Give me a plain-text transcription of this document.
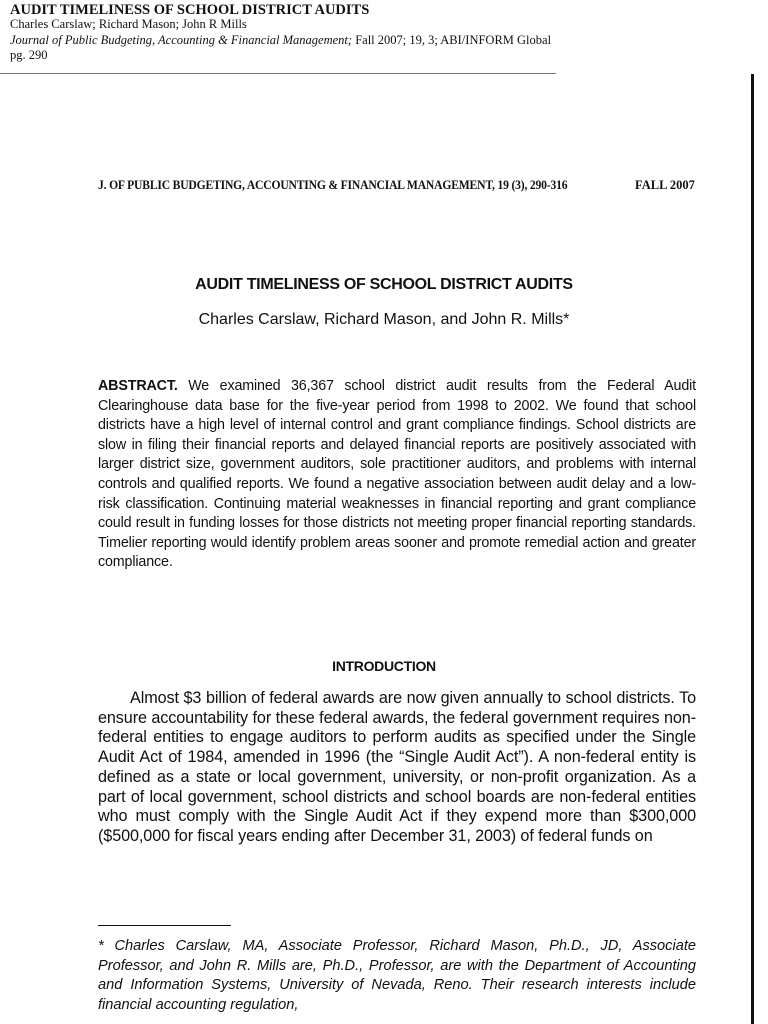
AUDIT TIMELINESS OF SCHOOL DISTRICT AUDITS
Charles Carslaw; Richard Mason; John R Mills
Journal of Public Budgeting, Accounting & Financial Management; Fall 2007; 19, 3; ABI/INFORM Global
pg. 290
J. OF PUBLIC BUDGETING, ACCOUNTING & FINANCIAL MANAGEMENT, 19 (3), 290-316	FALL 2007
AUDIT TIMELINESS OF SCHOOL DISTRICT AUDITS
Charles Carslaw, Richard Mason, and John R. Mills*
ABSTRACT. We examined 36,367 school district audit results from the Federal Audit Clearinghouse data base for the five-year period from 1998 to 2002. We found that school districts have a high level of internal control and grant compliance findings. School districts are slow in filing their financial reports and delayed financial reports are positively associated with larger district size, government auditors, sole practitioner auditors, and problems with internal controls and qualified reports. We found a negative association between audit delay and a low-risk classification. Continuing material weaknesses in financial reporting and grant compliance could result in funding losses for those districts not meeting proper financial reporting standards. Timelier reporting would identify problem areas sooner and promote remedial action and greater compliance.
INTRODUCTION
Almost $3 billion of federal awards are now given annually to school districts. To ensure accountability for these federal awards, the federal government requires non-federal entities to engage auditors to perform audits as specified under the Single Audit Act of 1984, amended in 1996 (the “Single Audit Act”). A non-federal entity is defined as a state or local government, university, or non-profit organization. As a part of local government, school districts and school boards are non-federal entities who must comply with the Single Audit Act if they expend more than $300,000 ($500,000 for fiscal years ending after December 31, 2003) of federal funds on
* Charles Carslaw, MA, Associate Professor, Richard Mason, Ph.D., JD, Associate Professor, and John R. Mills are, Ph.D., Professor, are with the Department of Accounting and Information Systems, University of Nevada, Reno. Their research interests include financial accounting regulation,
